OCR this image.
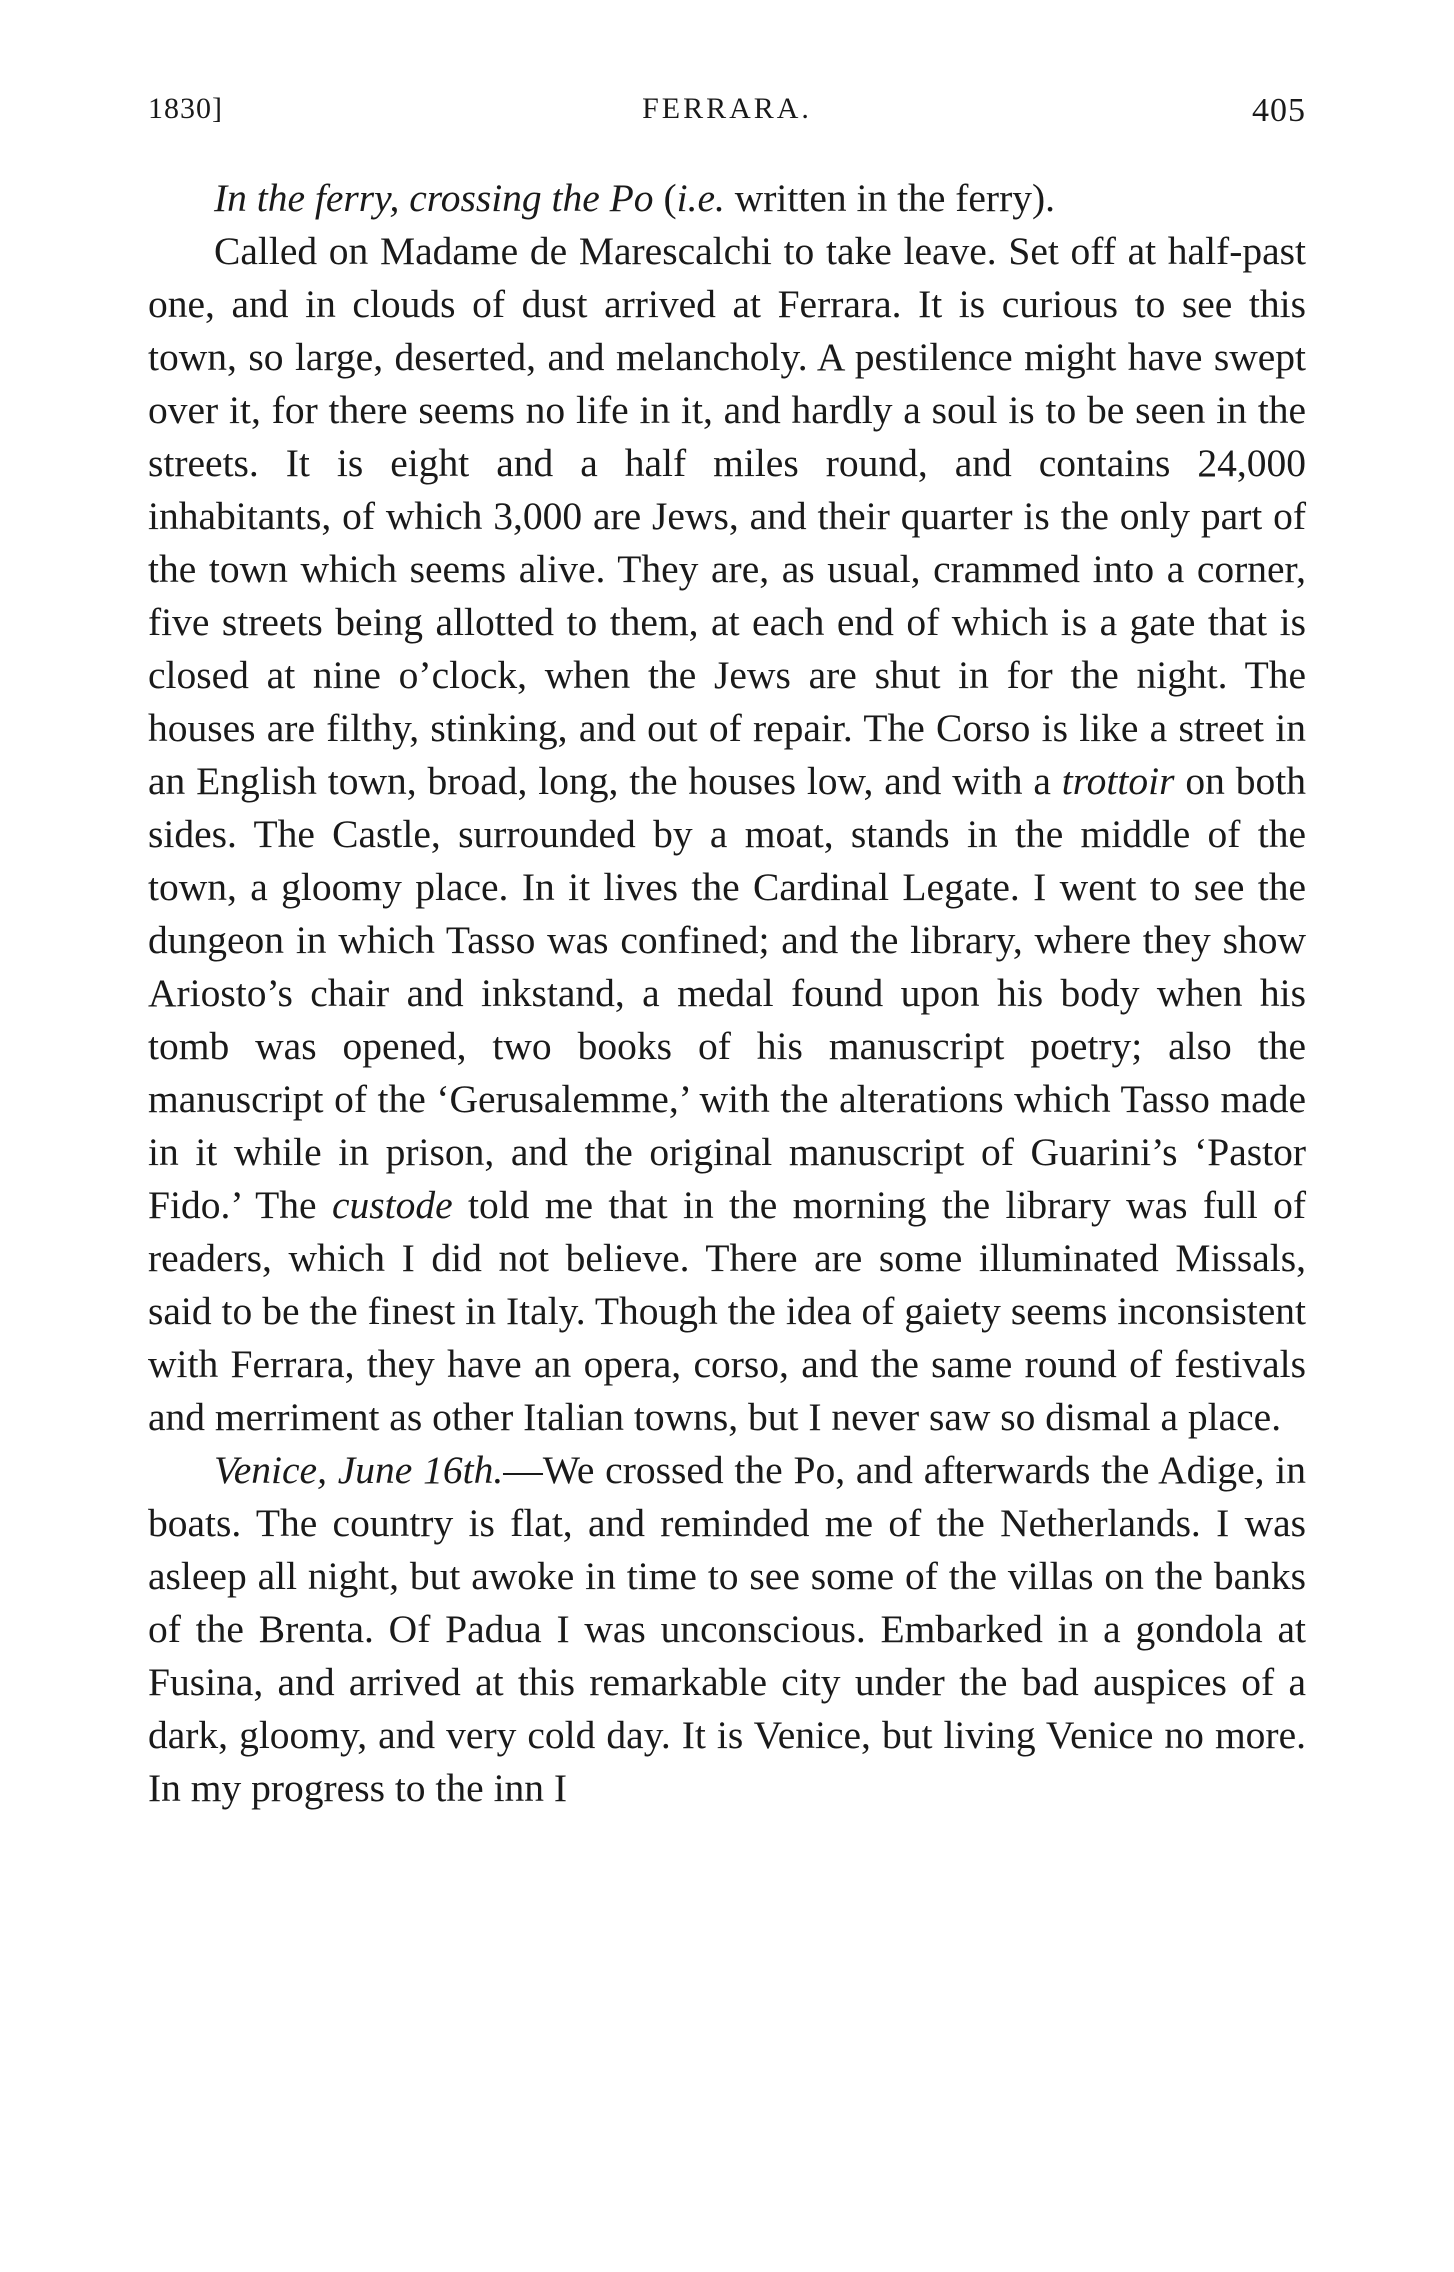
1830]	FERRARA.	405

In the ferry, crossing the Po (i.e. written in the ferry).

Called on Madame de Marescalchi to take leave. Set off at half-past one, and in clouds of dust arrived at Ferrara. It is curious to see this town, so large, deserted, and melancholy. A pestilence might have swept over it, for there seems no life in it, and hardly a soul is to be seen in the streets. It is eight and a half miles round, and contains 24,000 inhabitants, of which 3,000 are Jews, and their quarter is the only part of the town which seems alive. They are, as usual, crammed into a corner, five streets being allotted to them, at each end of which is a gate that is closed at nine o’clock, when the Jews are shut in for the night. The houses are filthy, stinking, and out of repair. The Corso is like a street in an English town, broad, long, the houses low, and with a trottoir on both sides. The Castle, surrounded by a moat, stands in the middle of the town, a gloomy place. In it lives the Cardinal Legate. I went to see the dungeon in which Tasso was confined; and the library, where they show Ariosto’s chair and inkstand, a medal found upon his body when his tomb was opened, two books of his manuscript poetry; also the manuscript of the ‘Gerusalemme,’ with the alterations which Tasso made in it while in prison, and the original manuscript of Guarini’s ‘Pastor Fido.’ The custode told me that in the morning the library was full of readers, which I did not believe. There are some illuminated Missals, said to be the finest in Italy. Though the idea of gaiety seems inconsistent with Ferrara, they have an opera, corso, and the same round of festivals and merriment as other Italian towns, but I never saw so dismal a place.

Venice, June 16th.—We crossed the Po, and afterwards the Adige, in boats. The country is flat, and reminded me of the Netherlands. I was asleep all night, but awoke in time to see some of the villas on the banks of the Brenta. Of Padua I was unconscious. Embarked in a gondola at Fusina, and arrived at this remarkable city under the bad auspices of a dark, gloomy, and very cold day. It is Venice, but living Venice no more. In my progress to the inn I
